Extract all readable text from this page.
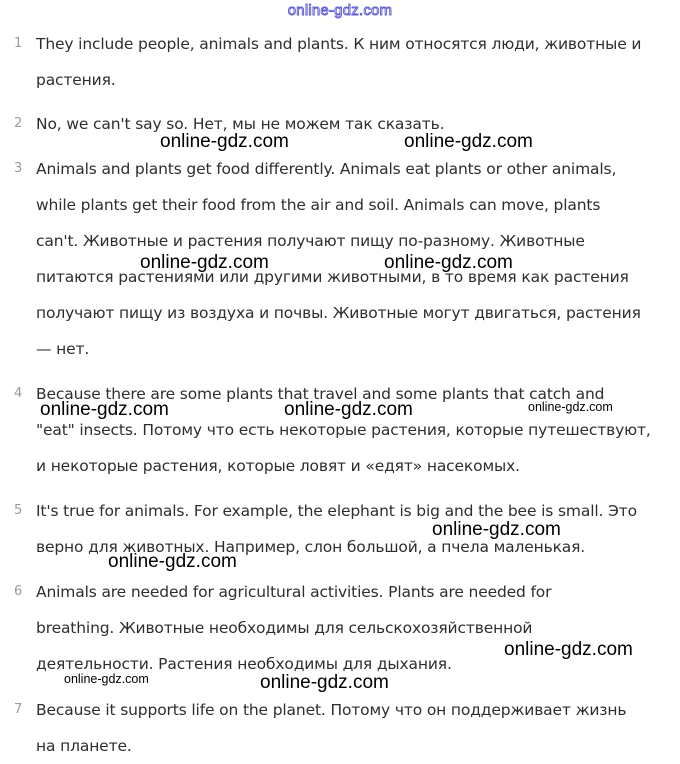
online-gdz.com
1 They include people, animals and plants. К ним относятся люди, животные и
растения.
2 No, we can't say so. Нет, мы не можем так сказать.
3 Animals and plants get food differently. Animals eat plants or other animals,
while plants get their food from the air and soil. Animals can move, plants
can't. Животные и растения получают пищу по-разному. Животные
питаются растениями или другими животными, в то время как растения
получают пищу из воздуха и почвы. Животные могут двигаться, растения
— нет.
4 Because there are some plants that travel and some plants that catch and
"eat" insects. Потому что есть некоторые растения, которые путешествуют,
и некоторые растения, которые ловят и «едят» насекомых.
5 It's true for animals. For example, the elephant is big and the bee is small. Это
верно для животных. Например, слон большой, а пчела маленькая.
6 Animals are needed for agricultural activities. Plants are needed for
breathing. Животные необходимы для сельскохозяйственной
деятельности. Растения необходимы для дыхания.
7 Because it supports life on the planet. Потому что он поддерживает жизнь
на планете.
online-gdz.com	online-gdz.com
online-gdz.com	online-gdz.com
online-gdz.com	online-gdz.com	online-gdz.com
online-gdz.com
online-gdz.com
online-gdz.com
online-gdz.com	online-gdz.com
